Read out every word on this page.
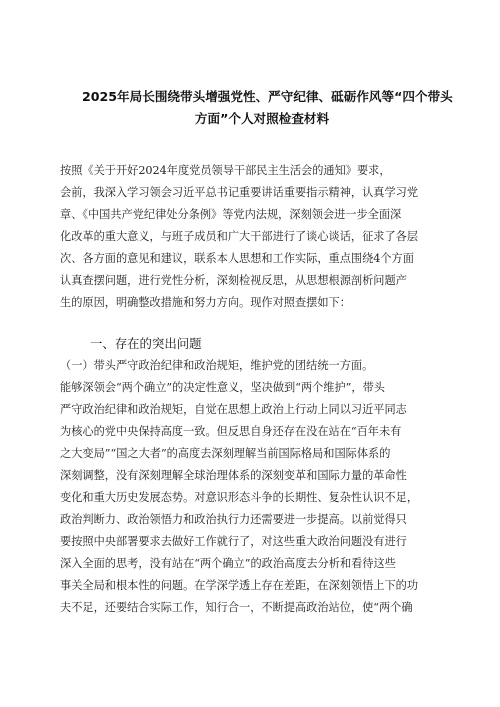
2025年局长围绕带头增强党性、严守纪律、砥砺作风等“四个带头
方面”个人对照检查材料
按照《关于开好2024年度党员领导干部民主生活会的通知》要求，
会前，我深入学习领会习近平总书记重要讲话重要指示精神，认真学习党
章、《中国共产党纪律处分条例》等党内法规，深刻领会进一步全面深
化改革的重大意义，与班子成员和广大干部进行了谈心谈话，征求了各层
次、各方面的意见和建议，联系本人思想和工作实际，重点围绕4个方面
认真查摆问题，进行党性分析，深刻检视反思，从思想根源剖析问题产
生的原因，明确整改措施和努力方向。现作对照查摆如下：
一、存在的突出问题
（一）带头严守政治纪律和政治规矩，维护党的团结统一方面。
能够深领会“两个确立”的决定性意义，坚决做到“两个维护”，带头
严守政治纪律和政治规矩，自觉在思想上政治上行动上同以习近平同志
为核心的党中央保持高度一致。但反思自身还存在没在站在“百年未有
之大变局”“国之大者”的高度去深刻理解当前国际格局和国际体系的
深刻调整，没有深刻理解全球治理体系的深刻变革和国际力量的革命性
变化和重大历史发展态势。对意识形态斗争的长期性、复杂性认识不足，
政治判断力、政治领悟力和政治执行力还需要进一步提高。以前觉得只
要按照中央部署要求去做好工作就行了，对这些重大政治问题没有进行
深入全面的思考，没有站在“两个确立”的政治高度去分析和看待这些
事关全局和根本性的问题。在学深学透上存在差距，在深刻领悟上下的功
夫不足，还要结合实际工作，知行合一，不断提高政治站位，使“两个确
